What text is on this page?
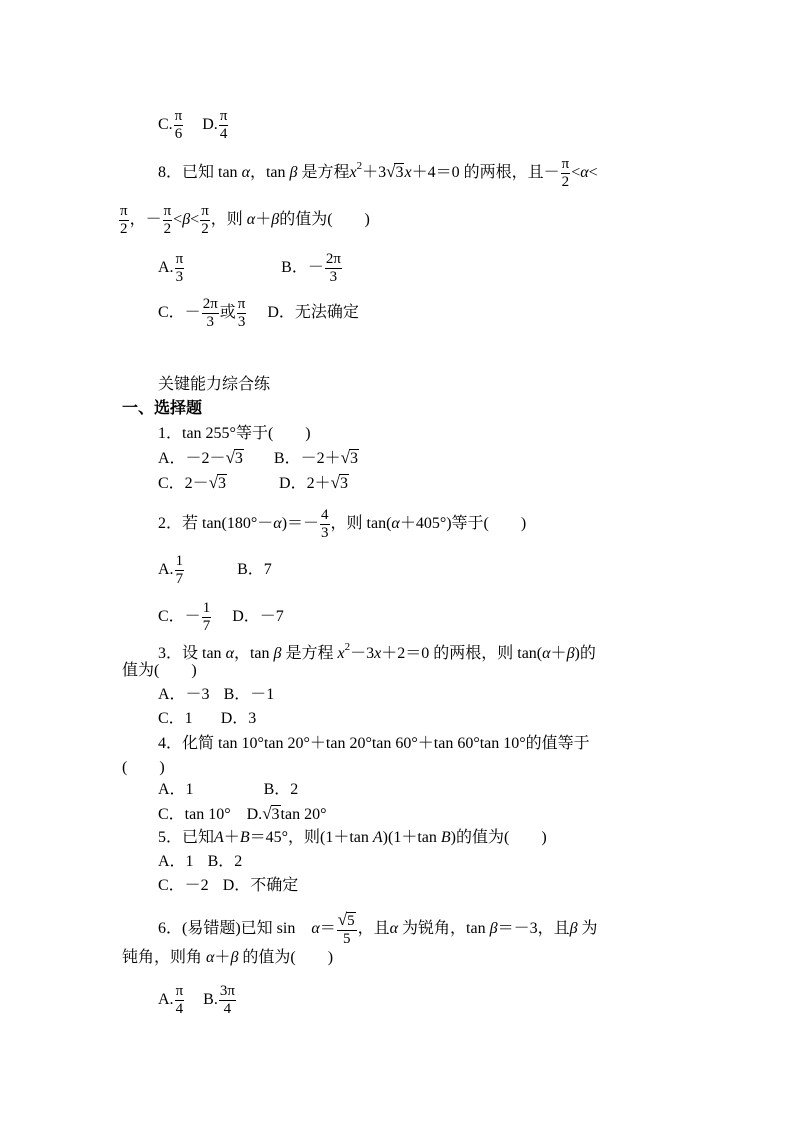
C. $\frac{\pi}{6} D$. $\frac{\pi}{4}$
8．已知 tan α，tan β 是方程$x^2+3√3x+4=0$ 的两根，且－ $\frac{\pi}{2} <\alpha<$
$\frac{\pi}{2}$ ，－ $\frac{\pi}{2} <\beta< \frac{\pi}{2}$ ，则 α＋β的值为(　　)
A. $\frac{\pi}{3}$	B．－ $\frac{2\pi}{3}$
C．－ $\frac{2\pi}{3}$ 或 $\frac{\pi}{3}$ D．无法确定
关键能力综合练
一、选择题
1．tan 255°等于(　　)
A．－2－√3 B．－2＋√3
C．2－√3	D．2＋√3
2．若 $\tan(180^\circ-\alpha)=- \frac{4}{3}$ ，则 tan(α＋405°)等于(　　)
A. $\frac{1}{7}$	B．7
C．－ $\frac{1}{7}$ D．－7
3．设 tan α，tan β 是方程 $x^2-3x+2=0$ 的两根，则 tan(α＋β)的
值为(　　)
A．－3 B．－1
C．1 D．3
4．化简 tan 10°tan 20°＋tan 20°tan 60°＋tan 60°tan 10°的值等于
(　　)
A．1	B．2
C．tan 10° D.√3tan 20°
5．已知A＋B＝45°，则(1＋tan A)(1＋tan B)的值为(　　)
A．1 B．2
C．－2 D．不确定
6．(易错题)已知 sin　$\alpha= \frac{√5}{5}$ ，且α 为锐角，tan β＝－3，且β 为
钝角，则角 α＋β 的值为(　　)
A. $\frac{\pi}{4} B$. $\frac{3\pi}{4}$
